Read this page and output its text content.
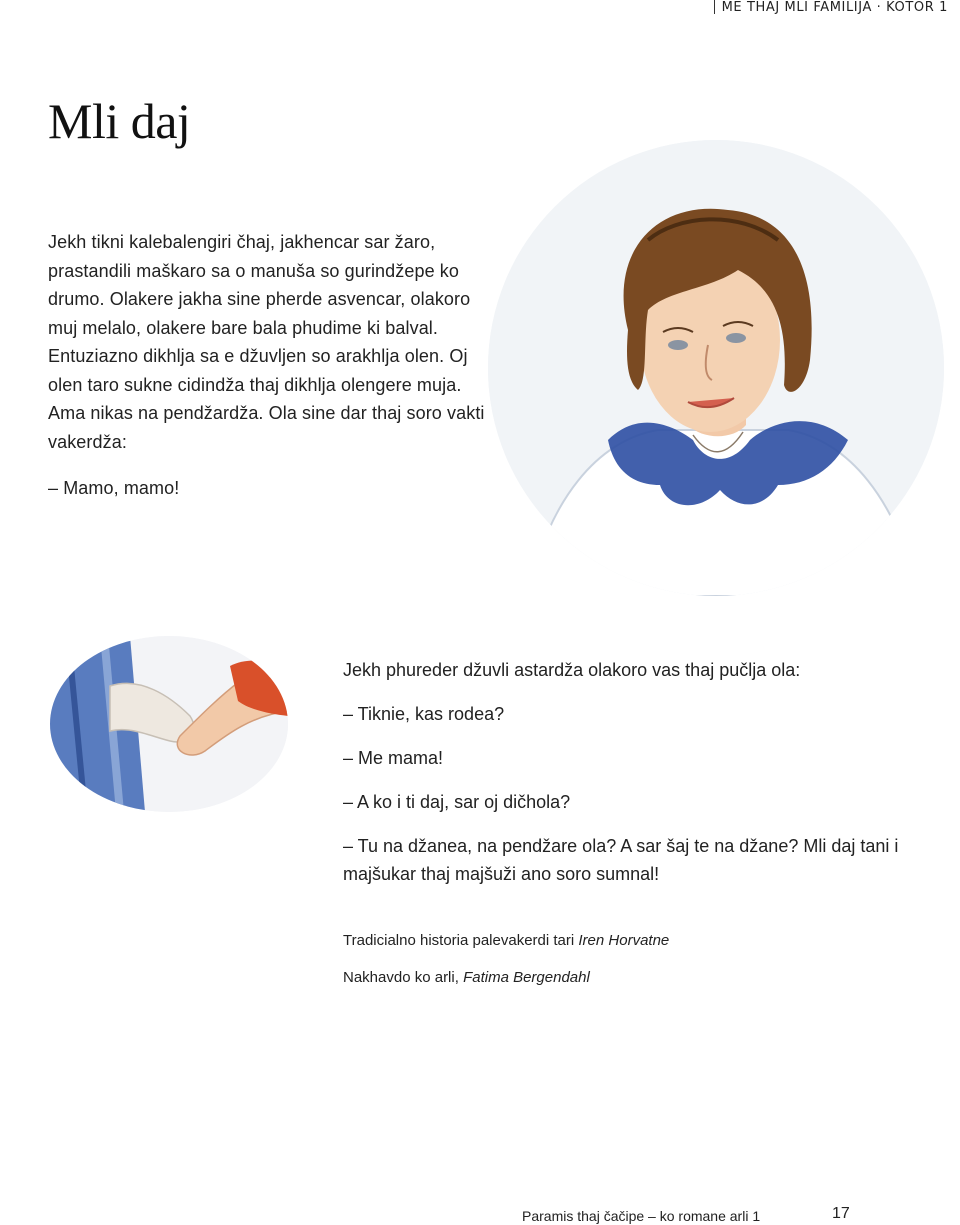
ME THAJ MLI FAMILIJA · KOTOR 1
Mli daj

Jekh tikni kalebalengiri čhaj, jakhencar sar žaro, prastandili maškaro sa o manuša so gurindžepe ko drumo. Olakere jakha sine pherde asvencar, olakoro muj melalo, olakere bare bala phudime ki balval. Entuziazno dikhlja sa e džuvljen so arakhlja olen. Oj olen taro sukne cidindža thaj dikhlja olengere muja. Ama nikas na pendžardža. Ola sine dar thaj soro vakti vakerdža:

– Mamo, mamo!

Jekh phureder džuvli astardža olakoro vas thaj pučlja ola:

– Tiknie, kas rodea?

– Me mama!

– A ko i ti daj, sar oj dičhola?

– Tu na džanea, na pendžare ola? A sar šaj te na džane? Mli daj tani i majšukar thaj majšuži ano soro sumnal!

Tradicialno historia palevakerdi tari Iren Horvatne

Nakhavdo ko arli, Fatima Bergendahl

Paramis thaj čačipe – ko romane arli 1	17
